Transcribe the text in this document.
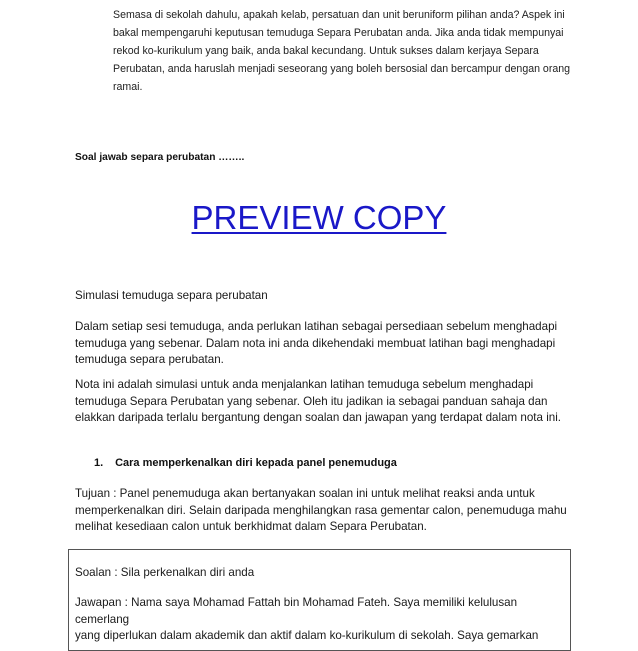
Semasa di sekolah dahulu, apakah kelab, persatuan dan unit beruniform pilihan anda? Aspek ini

bakal mempengaruhi keputusan temuduga Separa Perubatan anda. Jika anda tidak mempunyai

rekod ko-kurikulum yang baik, anda bakal kecundang. Untuk sukses dalam kerjaya Separa

Perubatan, anda haruslah menjadi seseorang yang boleh bersosial dan bercampur dengan orang

ramai.

Soal jawab separa perubatan ……..
PREVIEW COPY

Simulasi temuduga separa perubatan

Dalam setiap sesi temuduga, anda perlukan latihan sebagai persediaan sebelum menghadapi

temuduga yang sebenar. Dalam nota ini anda dikehendaki membuat latihan bagi menghadapi

temuduga separa perubatan.

Nota ini adalah simulasi untuk anda menjalankan latihan temuduga sebelum menghadapi

temuduga Separa Perubatan yang sebenar. Oleh itu jadikan ia sebagai panduan sahaja dan

elakkan daripada terlalu bergantung dengan soalan dan jawapan yang terdapat dalam nota ini.

1. Cara memperkenalkan diri kepada panel penemuduga

Tujuan : Panel penemuduga akan bertanyakan soalan ini untuk melihat reaksi anda untuk

memperkenalkan diri. Selain daripada menghilangkan rasa gementar calon, penemuduga mahu

melihat kesediaan calon untuk berkhidmat dalam Separa Perubatan.

Soalan : Sila perkenalkan diri anda

Jawapan : Nama saya Mohamad Fattah bin Mohamad Fateh. Saya memiliki kelulusan cemerlang

yang diperlukan dalam akademik dan aktif dalam ko-kurikulum di sekolah. Saya gemarkan
